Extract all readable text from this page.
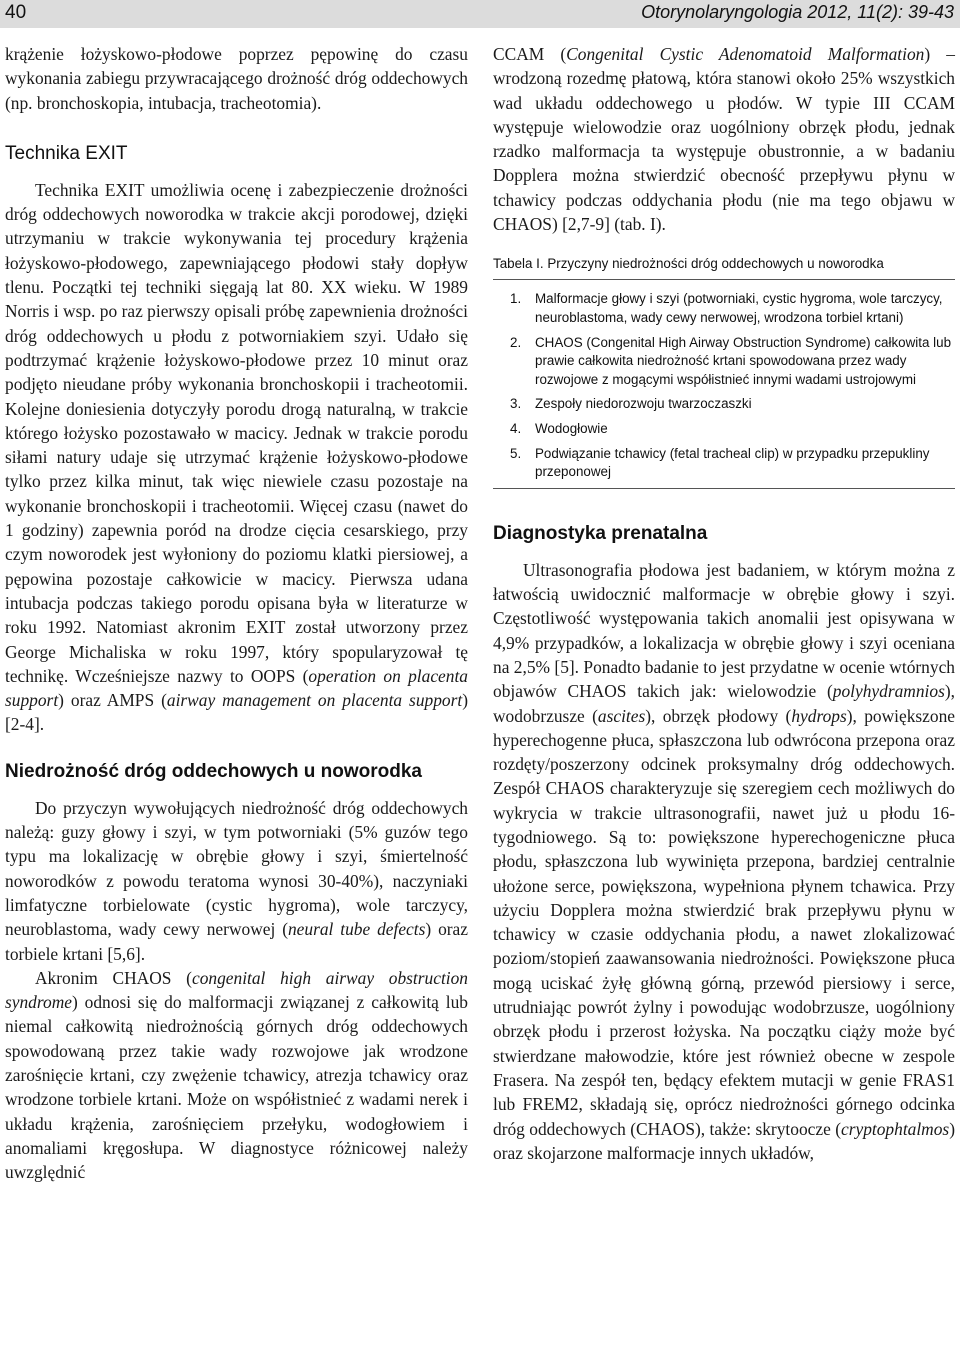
40	Otorynolaryngologia 2012, 11(2): 39-43

krążenie łożyskowo-płodowe poprzez pępowinę do czasu wykonania zabiegu przywracającego drożność dróg oddechowych (np. bronchoskopia, intubacja, tracheotomia).

Technika EXIT

Technika EXIT umożliwia ocenę i zabezpieczenie drożności dróg oddechowych noworodka w trakcie akcji porodowej, dzięki utrzymaniu w trakcie wykonywania tej procedury krążenia łożyskowo-płodowego, zapewniającego płodowi stały dopływ tlenu. Początki tej techniki sięgają lat 80. XX wieku. W 1989 Norris i wsp. po raz pierwszy opisali próbę zapewnienia drożności dróg oddechowych u płodu z potworniakiem szyi. Udało się podtrzymać krążenie łożyskowo-płodowe przez 10 minut oraz podjęto nieudane próby wykonania bronchoskopii i tracheotomii. Kolejne doniesienia dotyczyły porodu drogą naturalną, w trakcie którego łożysko pozostawało w macicy. Jednak w trakcie porodu siłami natury udaje się utrzymać krążenie łożyskowo-płodowe tylko przez kilka minut, tak więc niewiele czasu pozostaje na wykonanie bronchoskopii i tracheotomii. Więcej czasu (nawet do 1 godziny) zapewnia poród na drodze cięcia cesarskiego, przy czym noworodek jest wyłoniony do poziomu klatki piersiowej, a pępowina pozostaje całkowicie w macicy. Pierwsza udana intubacja podczas takiego porodu opisana była w literaturze w roku 1992. Natomiast akronim EXIT został utworzony przez George Michaliska w roku 1997, który spopularyzował tę technikę. Wcześniejsze nazwy to OOPS (operation on placenta support) oraz AMPS (airway management on placenta support) [2-4].

Niedrożność dróg oddechowych u noworodka

Do przyczyn wywołujących niedrożność dróg oddechowych należą: guzy głowy i szyi, w tym potworniaki (5% guzów tego typu ma lokalizację w obrębie głowy i szyi, śmiertelność noworodków z powodu teratoma wynosi 30-40%), naczyniaki limfatyczne torbielowate (cystic hygroma), wole tarczycy, neuroblastoma, wady cewy nerwowej (neural tube defects) oraz torbiele krtani [5,6].

Akronim CHAOS (congenital high airway obstruction syndrome) odnosi się do malformacji związanej z całkowitą lub niemal całkowitą niedrożnością górnych dróg oddechowych spowodowaną przez takie wady rozwojowe jak wrodzone zarośnięcie krtani, czy zwężenie tchawicy, atrezja tchawicy oraz wrodzone torbiele krtani. Może on współistnieć z wadami nerek i układu krążenia, zarośnięciem przełyku, wodogłowiem i anomaliami kręgosłupa. W diagnostyce różnicowej należy uwzględnić

CCAM (Congenital Cystic Adenomatoid Malformation) – wrodzoną rozedmę płatową, która stanowi około 25% wszystkich wad układu oddechowego u płodów. W typie III CCAM występuje wielowodzie oraz uogólniony obrzęk płodu, jednak rzadko malformacja ta występuje obustronnie, a w badaniu Dopplera można stwierdzić obecność przepływu płynu w tchawicy podczas oddychania płodu (nie ma tego objawu w CHAOS) [2,7-9] (tab. I).

Tabela I. Przyczyny niedrożności dróg oddechowych u noworodka
1. Malformacje głowy i szyi (potworniaki, cystic hygroma, wole tarczycy, neuroblastoma, wady cewy nerwowej, wrodzona torbiel krtani)
2. CHAOS (Congenital High Airway Obstruction Syndrome) całkowita lub prawie całkowita niedrożność krtani spowodowana przez wady rozwojowe z mogącymi współistnieć innymi wadami ustrojowymi
3. Zespoły niedorozwoju twarzoczaszki
4. Wodogłowie
5. Podwiązanie tchawicy (fetal tracheal clip) w przypadku przepukliny przeponowej
Diagnostyka prenatalna

Ultrasonografia płodowa jest badaniem, w którym można z łatwością uwidocznić malformacje w obrębie głowy i szyi. Częstotliwość występowania takich anomalii jest opisywana w 4,9% przypadków, a lokalizacja w obrębie głowy i szyi oceniana na 2,5% [5]. Ponadto badanie to jest przydatne w ocenie wtórnych objawów CHAOS takich jak: wielowodzie (polyhydramnios), wodobrzusze (ascites), obrzęk płodowy (hydrops), powiększone hyperechogenne płuca, spłaszczona lub odwrócona przepona oraz rozdęty/poszerzony odcinek proksymalny dróg oddechowych. Zespół CHAOS charakteryzuje się szeregiem cech możliwych do wykrycia w trakcie ultrasonografii, nawet już u płodu 16-tygodniowego. Są to: powiększone hyperechogeniczne płuca płodu, spłaszczona lub wywinięta przepona, bardziej centralnie ułożone serce, powiększona, wypełniona płynem tchawica. Przy użyciu Dopplera można stwierdzić brak przepływu płynu w tchawicy w czasie oddychania płodu, a nawet zlokalizować poziom/stopień zaawansowania niedrożności. Powiększone płuca mogą uciskać żyłę główną górną, przewód piersiowy i serce, utrudniając powrót żylny i powodując wodobrzusze, uogólniony obrzęk płodu i przerost łożyska. Na początku ciąży może być stwierdzane małowodzie, które jest również obecne w zespole Frasera. Na zespół ten, będący efektem mutacji w genie FRAS1 lub FREM2, składają się, oprócz niedrożności górnego odcinka dróg oddechowych (CHAOS), także: skrytoocze (cryptophtalmos) oraz skojarzone malformacje innych układów,
